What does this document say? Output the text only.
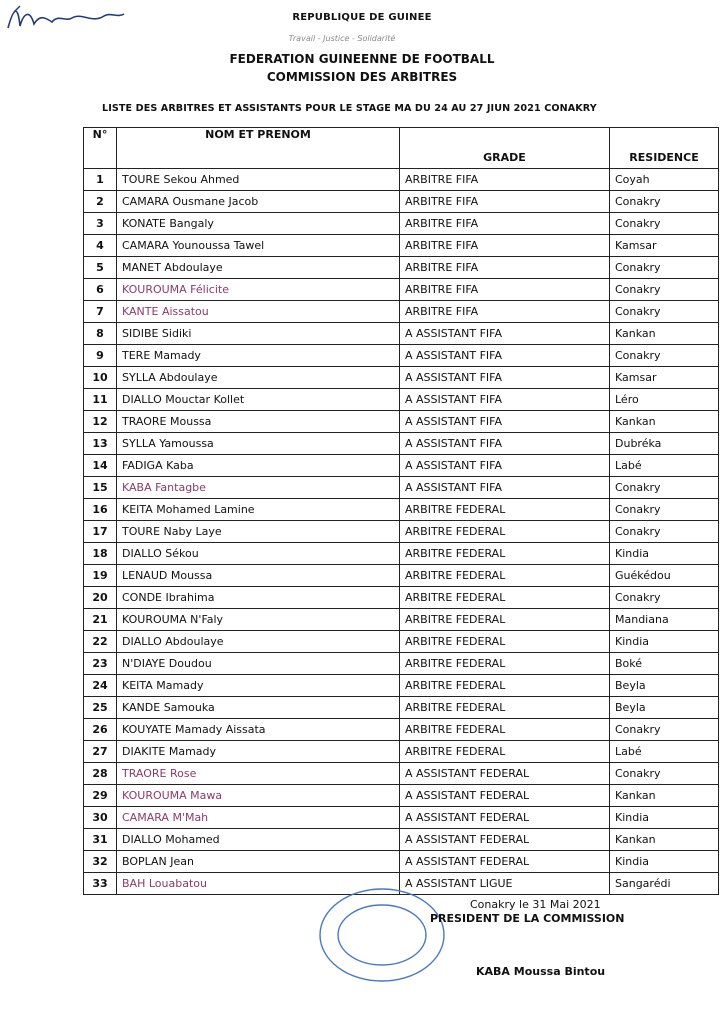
REPUBLIQUE DE GUINEE
Travail - Justice - Solidarité
FEDERATION GUINEENNE DE FOOTBALL
COMMISSION DES ARBITRES
LISTE DES ARBITRES ET ASSISTANTS POUR LE STAGE MA DU 24 AU 27 JIUN 2021 CONAKRY
N°	NOM ET PRENOM	GRADE	RESIDENCE
1	TOURE Sekou Ahmed	ARBITRE FIFA	Coyah
2	CAMARA Ousmane Jacob	ARBITRE FIFA	Conakry
3	KONATE Bangaly	ARBITRE FIFA	Conakry
4	CAMARA Younoussa Tawel	ARBITRE FIFA	Kamsar
5	MANET Abdoulaye	ARBITRE FIFA	Conakry
6	KOUROUMA Félicite	ARBITRE FIFA	Conakry
7	KANTE Aissatou	ARBITRE FIFA	Conakry
8	SIDIBE Sidiki	A ASSISTANT FIFA	Kankan
9	TERE Mamady	A ASSISTANT FIFA	Conakry
10	SYLLA Abdoulaye	A ASSISTANT FIFA	Kamsar
11	DIALLO Mouctar Kollet	A ASSISTANT FIFA	Léro
12	TRAORE Moussa	A ASSISTANT FIFA	Kankan
13	SYLLA Yamoussa	A ASSISTANT FIFA	Dubréka
14	FADIGA Kaba	A ASSISTANT FIFA	Labé
15	KABA Fantagbe	A ASSISTANT FIFA	Conakry
16	KEITA Mohamed Lamine	ARBITRE FEDERAL	Conakry
17	TOURE Naby Laye	ARBITRE FEDERAL	Conakry
18	DIALLO Sékou	ARBITRE FEDERAL	Kindia
19	LENAUD Moussa	ARBITRE FEDERAL	Guékédou
20	CONDE Ibrahima	ARBITRE FEDERAL	Conakry
21	KOUROUMA N'Faly	ARBITRE FEDERAL	Mandiana
22	DIALLO Abdoulaye	ARBITRE FEDERAL	Kindia
23	N'DIAYE Doudou	ARBITRE FEDERAL	Boké
24	KEITA Mamady	ARBITRE FEDERAL	Beyla
25	KANDE Samouka	ARBITRE FEDERAL	Beyla
26	KOUYATE Mamady Aissata	ARBITRE FEDERAL	Conakry
27	DIAKITE Mamady	ARBITRE FEDERAL	Labé
28	TRAORE Rose	A ASSISTANT FEDERAL	Conakry
29	KOUROUMA Mawa	A ASSISTANT FEDERAL	Kankan
30	CAMARA M'Mah	A ASSISTANT FEDERAL	Kindia
31	DIALLO Mohamed	A ASSISTANT FEDERAL	Kankan
32	BOPLAN Jean	A ASSISTANT FEDERAL	Kindia
33	BAH Louabatou	A ASSISTANT LIGUE	Sangarédi
Conakry le 31 Mai 2021
PRESIDENT DE LA COMMISSION
KABA Moussa Bintou
